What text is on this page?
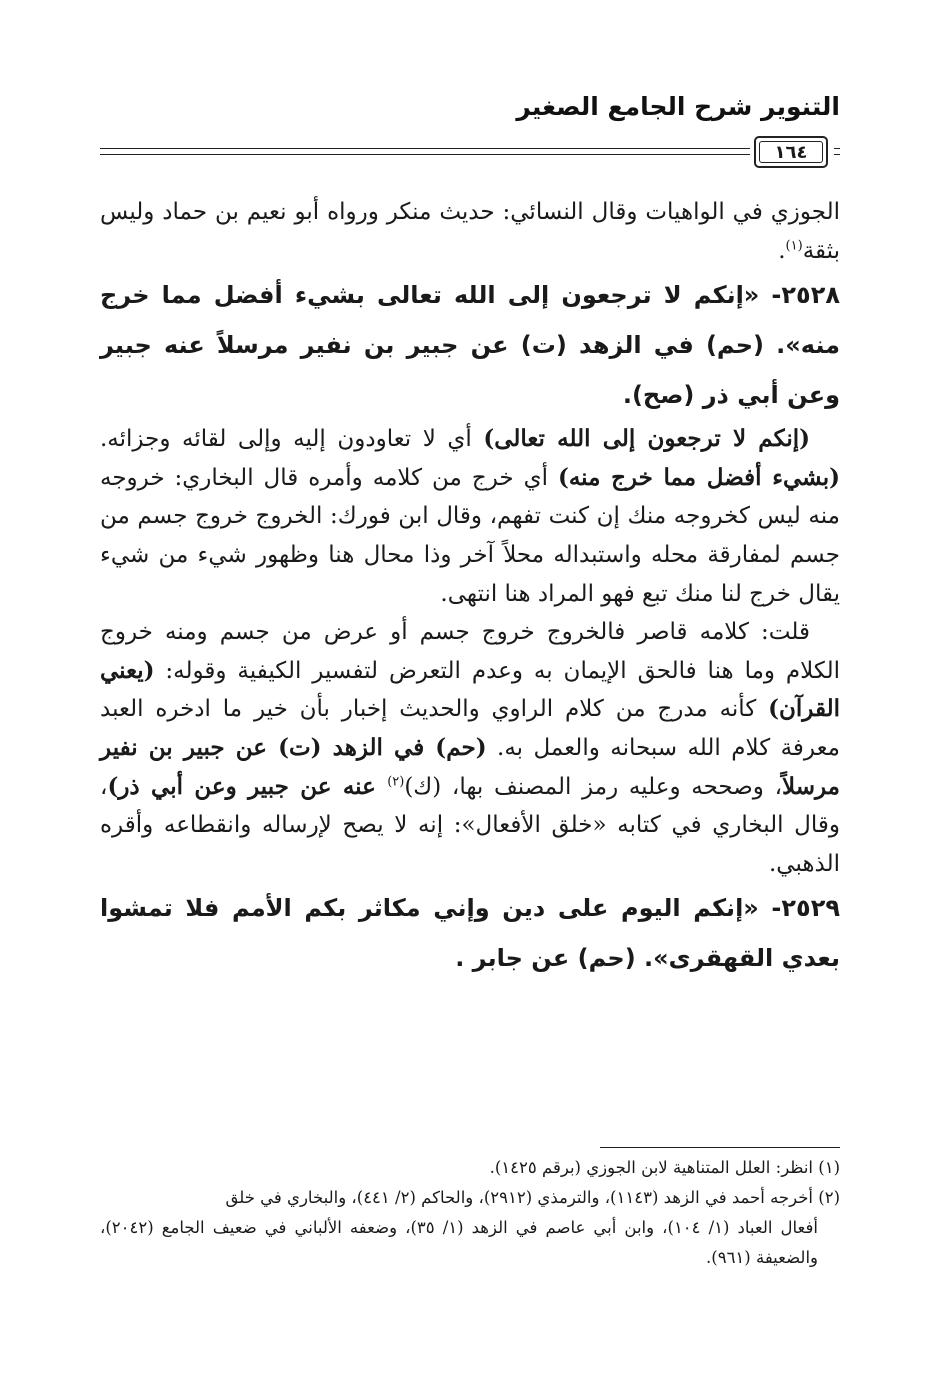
التنوير شرح الجامع الصغير
١٦٤

الجوزي في الواهيات وقال النسائي: حديث منكر ورواه أبو نعيم بن حماد وليس بثقة$^{(١)}$.

٢٥٢٨- «إنكم لا ترجعون إلى الله تعالى بشيء أفضل مما خرج منه». (حم) في الزهد (ت) عن جبير بن نفير مرسلاً عنه جبير وعن أبي ذر (صح).

(إنكم لا ترجعون إلى الله تعالى) أي لا تعاودون إليه وإلى لقائه وجزائه. (بشيء أفضل مما خرج منه) أي خرج من كلامه وأمره قال البخاري: خروجه منه ليس كخروجه منك إن كنت تفهم، وقال ابن فورك: الخروج خروج جسم من جسم لمفارقة محله واستبداله محلاً آخر وذا محال هنا وظهور شيء من شيء يقال خرج لنا منك تبع فهو المراد هنا انتهى.

قلت: كلامه قاصر فالخروج خروج جسم أو عرض من جسم ومنه خروج الكلام وما هنا فالحق الإيمان به وعدم التعرض لتفسير الكيفية وقوله: (يعني القرآن) كأنه مدرج من كلام الراوي والحديث إخبار بأن خير ما ادخره العبد معرفة كلام الله سبحانه والعمل به. (حم) في الزهد (ت) عن جبير بن نفير مرسلاً، وصححه وعليه رمز المصنف بها، (ك)$^{(٢)}$ عنه عن جبير وعن أبي ذر)، وقال البخاري في كتابه «خلق الأفعال»: إنه لا يصح لإرساله وانقطاعه وأقره الذهبي.

٢٥٢٩- «إنكم اليوم على دين وإني مكاثر بكم الأمم فلا تمشوا بعدي القهقرى». (حم) عن جابر .

(١) انظر: العلل المتناهية لابن الجوزي (برقم ١٤٢٥).

(٢) أخرجه أحمد في الزهد (١١٤٣)، والترمذي (٢٩١٢)، والحاكم (٢/ ٤٤١)، والبخاري في خلق

أفعال العباد (١/ ١٠٤)، وابن أبي عاصم في الزهد (١/ ٣٥)، وضعفه الألباني في ضعيف الجامع (٢٠٤٢)، والضعيفة (٩٦١).
